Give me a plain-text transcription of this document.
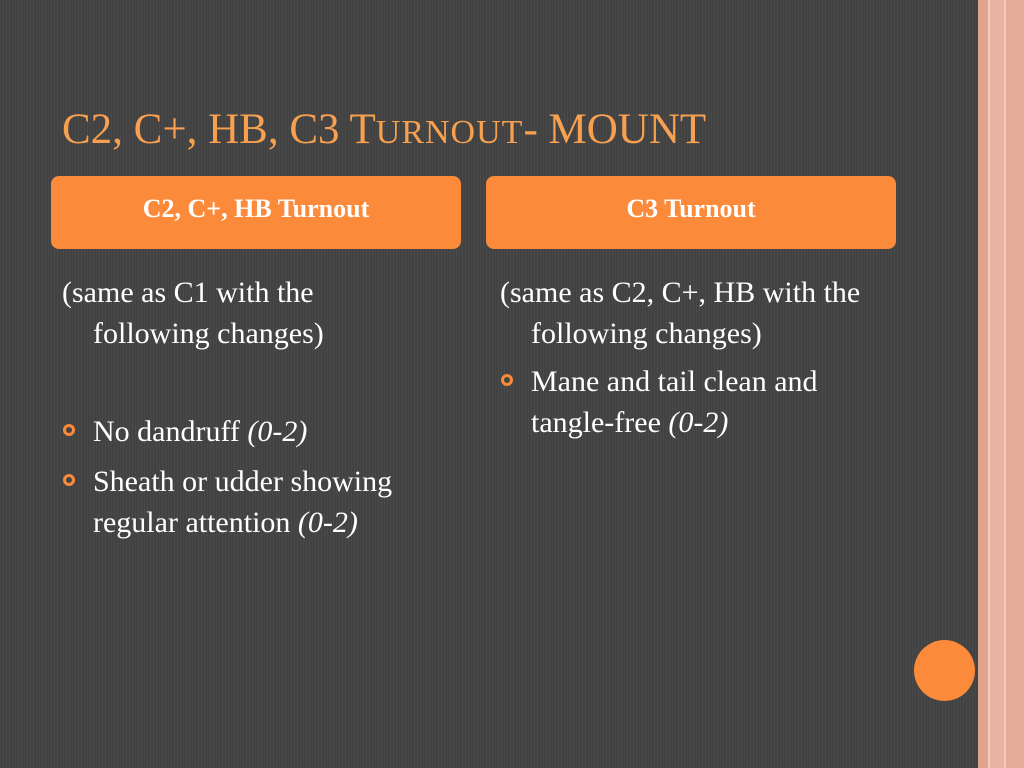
C2, C+, HB, C3 TURNOUT- MOUNT
C2, C+, HB Turnout	C3 Turnout

(same as C1 with the following changes)

No dandruff (0-2)
Sheath or udder showing regular attention (0-2)

(same as C2, C+, HB with the following changes)

Mane and tail clean and tangle-free (0-2)
